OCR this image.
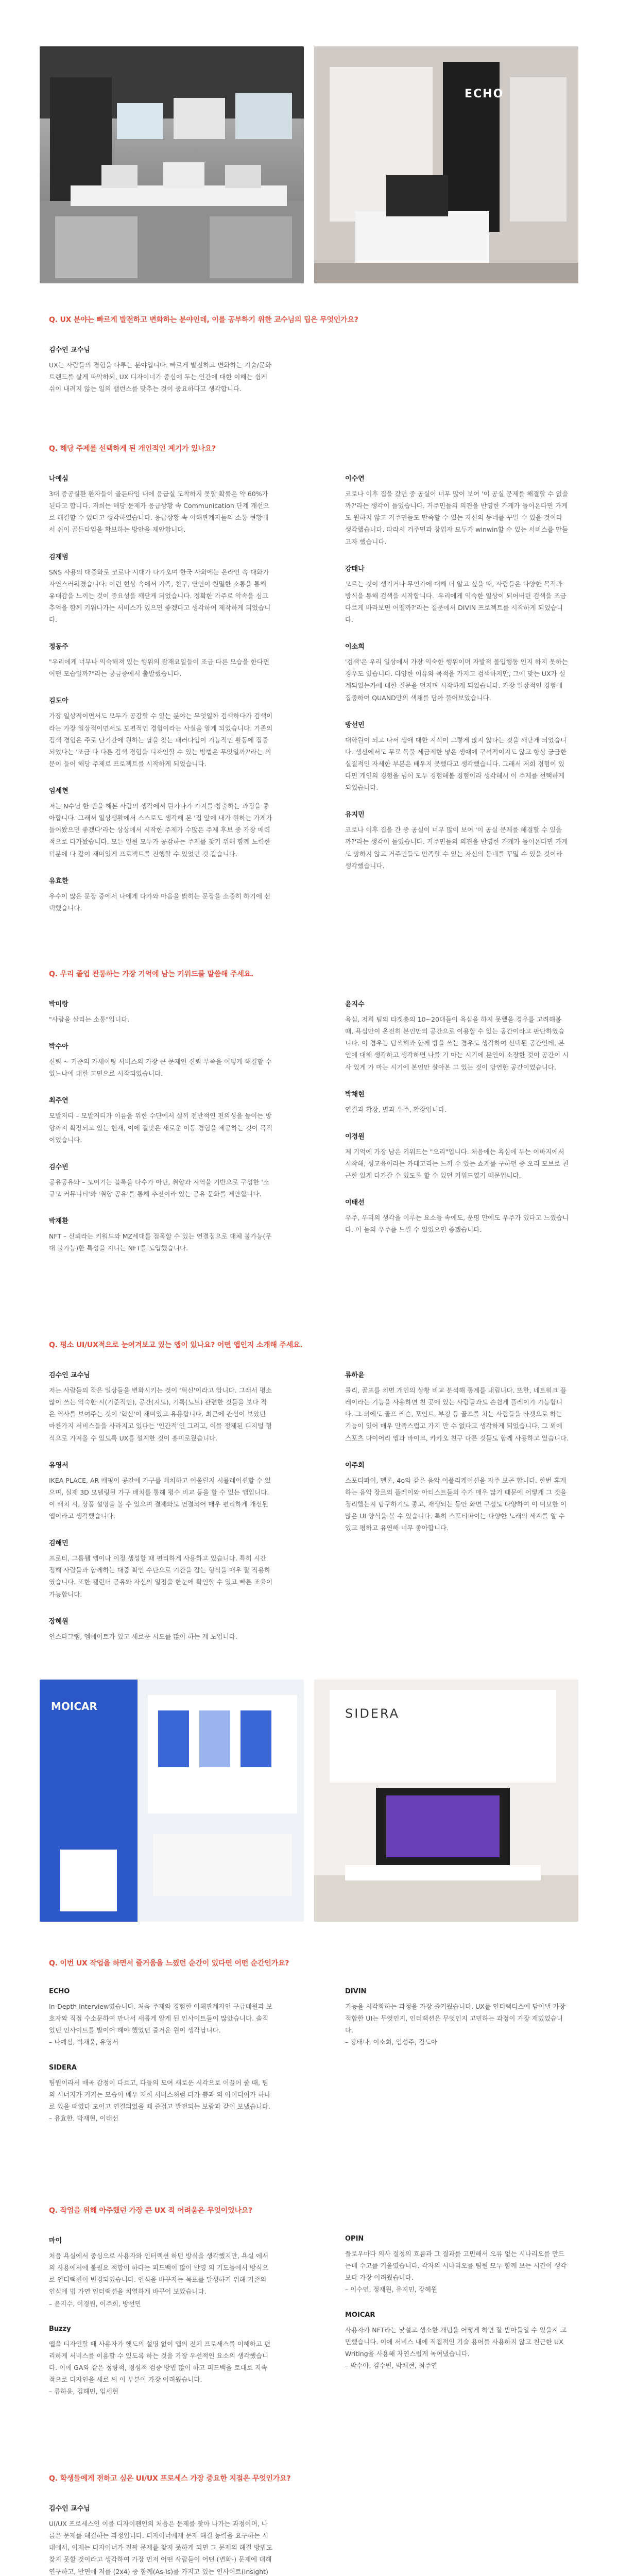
ECHO
Q. UX 분야는 빠르게 발전하고 변화하는 분야인데, 이를 공부하기 위한 교수님의 팁은 무엇인가요?
김수인 교수님

UX는 사람들의 경험을 다루는 분야입니다. 빠르게 발전하고 변화하는 기술/문화 트렌드를 살게 파악하되, UX 디자이너가 중심에 두는 인간에 대한 이해는 쉽게 쉬이 내려지 않는 일의 밸런스를 맞추는 것이 중요하다고 생각합니다.

Q. 해당 주제를 선택하게 된 개인적인 계기가 있나요?
나예심

3대 증공실환 환자들이 골든타임 내에 응급실 도착하지 못할 확률은 약 60%가 된다고 합니다. 저희는 해당 문제가 응급상황 속 Communication 단계 개선으로 해결할 수 있다고 생각하였습니다. 응급상황 속 이해관계자들의 소통 현황에서 쉬이 골든타임을 확보하는 방안을 제안합니다.

김재범

SNS 사용의 대중화로 코로나 시대가 다가오며 한국 사회에는 온라인 속 대화가 자연스러워졌습니다. 이런 현상 속에서 가족, 친구, 연인이 친밀한 소통을 통해 유대감을 느끼는 것이 중요성을 깨닫게 되었습니다. 정확한 가주로 악속을 심고 추억을 함께 키워나가는 서비스가 있으면 좋겠다고 생각하여 제작하게 되었습니다.

정동주

"우리에게 너무나 익숙해져 있는 행위의 잠재요일들이 조금 다른 모습을 한다면 어떤 모습일까?"라는 궁금증에서 출발했습니다.

김도아

가장 일상적이면서도 모두가 공감할 수 있는 분야는 무엇일까 검색하다가 검색이라는 가장 일상적이면서도 보편적인 경험이라는 사실을 알게 되었습니다. 기존의 검색 경험은 주로 단기간에 원하는 답을 찾는 패러다임이 기능적인 활동에 집중되었다는 '조금 다 다른 검색 경험을 디자인할 수 있는 방법은 무엇일까?'라는 의문이 들어 해당 주제로 프로젝트를 시작하게 되었습니다.

임세현

저는 N수님 한 번을 해본 사람의 생각에서 뭔가나가 가지를 창출하는 과정을 좋아합니다. 그래서 일상생활에서 스스로도 생각해 본 '집 앞에 내가 원하는 가게가 들어왔으면 좋겠다'라는 상상에서 시작한 주제가 수많은 주제 후보 중 가장 매력적으로 다가왔습니다. 모든 일원 모두가 공감하는 주제를 찾기 위해 함께 노력한 덕분에 다 같이 재미있게 프로젝트를 진행할 수 있었던 것 같습니다.

유효한

우수이 많은 문장 중에서 나에게 다가와 마음을 밝히는 문장을 소중히 하기에 선택했습니다.

이수연

코로나 이후 집을 갔던 중 공실이 너무 많이 보여 '이 공실 문제를 해결할 수 없을까?'라는 생각이 들었습니다. 거주민들의 의견을 반영한 가게가 들어온다면 가게도 원하지 않고 거주민들도 만족할 수 있는 자신의 동네를 꾸밀 수 있을 것이라 생각했습니다. 따라서 거주민과 창업자 모두가 winwin할 수 있는 서비스를 만들고자 했습니다.

강태나

모르는 것이 생기거나 무언가에 대해 더 알고 싶을 때, 사람들은 다양한 목적과 방식을 통해 검색을 시작합니다. '우리에게 익숙한 일상이 되어버린 검색을 조금 다르게 바라보면 어떨까?'라는 질문에서 DIVIN 프로젝트를 시작하게 되었습니다.

이소희

'검색'은 우리 일상에서 가장 익숙한 행위이며 자발적 몰입행동 인지 하지 못하는 경우도 있습니다. 다양한 이유와 목적을 가지고 검색하지만, 그에 맞는 UX가 설계되었는가에 대한 질문을 던지며 시작하게 되었습니다. 가장 일상적인 경험에 집중하여 QUAND만의 색채를 담아 풀어보았습니다.

방선민

대학원이 되고 나서 생애 대한 지식이 그렇게 많지 않다는 것을 깨닫게 되었습니다. 생선에서도 무료 독물 세금제한 넣은 생애에 구석적이지도 않고 항상 궁금한 실질적인 자세한 부분은 배우지 못했다고 생각했습니다. 그래서 저희 경험이 있다면 개인의 경험을 넘어 모두 경험해볼 경험이라 생각해서 이 주제를 선택하게 되었습니다.

유지민

코로나 이후 집을 간 중 공실이 너무 많이 보여 '이 공실 문제를 해결할 수 있을까?'라는 생각이 들었습니다. 거주민들의 의견을 반영한 가게가 들어온다면 가게도 망하지 않고 거주민들도 만족할 수 있는 자신의 동네를 꾸밀 수 있을 것이라 생각했습니다.

Q. 우리 졸업 관통하는 가장 기억에 남는 키워드를 말씀해 주세요.
박미랑

"사람을 살리는 소통"입니다.

박수아

신뢰 ~ 기준의 카세이팅 서비스의 가장 큰 문제인 신뢰 부족을 어떻게 해결할 수 있느냐에 대한 고민으로 시작되었습니다.

최주연

모발저티 – 모발저티가 이름을 위한 수단에서 설끼 전반적인 편의성을 높이는 방향까지 확장되고 있는 현재, 이에 걸맞은 새로운 이동 경험을 제공하는 것이 목적이었습니다.

김수빈

공유공유와 – 모이기는 블록을 다수가 아닌, 취향과 지역을 기반으로 구성한 '소규모 커뮤니티'와 '취향 공유'를 통해 추진이라 있는 공유 문화를 제안합니다.

박재환

NFT – 신뢰라는 키워드와 MZ세대를 접목할 수 있는 연결점으로 대체 불가능(무대 불가능)한 특성을 지니는 NFT를 도입했습니다.

윤지수

욕심, 저희 팀의 타겟층의 10~20대들이 욕심을 하지 못했을 경우를 고려해볼 때, 욕심만이 온전히 본인만의 공간으로 이용할 수 있는 공간이라고 판단하였습니다. 이 경우는 탐색해과 함께 방을 쓰는 경우도 생각하여 선택된 공간인데, 본인에 대해 생각하고 생각하면 나를 기 마는 시기에 본인이 소장한 것이 공간이 시사 있게 가 마는 시기에 본인만 살아본 그 있는 것이 당연한 공간이었습니다.

박채현

연결과 확장, 별과 우주, 확장입니다.

이경원

제 기억에 가장 남은 키워드는 "오리"입니다. 처음에는 욕심에 두는 이바지에서 시작해, 성교육이라는 카테고리는 느끼 수 있는 쇼케를 구하던 중 오리 모브로 친근한 있게 다가갈 수 있도록 할 수 있던 키워드였기 때문입니다.

이태선

우주, 우리의 생각을 이루는 요소들 속에도, 운명 만에도 우주가 있다고 느꼈습니다. 이 들의 우주를 느낄 수 있었으면 좋겠습니다.

Q. 평소 UI/UX적으로 눈여겨보고 있는 앱이 있나요? 어떤 앱인지 소개해 주세요.
김수인 교수님

저는 사람들의 작은 일상들을 변화시키는 것이 '혁신'이라고 압니다. 그래서 평소 많이 쓰는 익숙한 시(기준적인), 공간(지도), 기록(노트) 관련한 것들을 보다 적은 역사를 보여주는 것이 '혁신'이 재미있고 유용합니다. 최근에 관심이 보았던 마찬가지 서비스들을 사라지고 있다는 '인간적'인 그리고, 이를 정제된 디지털 형식으로 가져올 수 있도록 UX를 설계한 것이 흥미로웠습니다.

유영서

IKEA PLACE, AR 매핑이 공간에 가구를 배치하고 어울릴지 시뮬레이션할 수 있으며, 실제 3D 모델링된 가구 배치를 통해 평수 비교 등을 할 수 있는 앱입니다. 이 배치 시, 상품 설명을 볼 수 있으며 결제와도 연결되어 매우 편리하게 개선된 앱이라고 생각했습니다.

김해민

프로티, 그룹웹 앱이나 이정 생성할 때 편리하게 사용하고 있습니다. 특히 시간 정해 사람들과 함께하는 대중 확인 수단으로 기간을 잡는 형식을 매우 잘 적용하였습니다. 또한 캘린더 공유와 자신의 일정을 한눈에 확인할 수 있고 빠른 조율이 가능합니다.

장혜원

인스타그램, 엠에이트가 있고 새로운 시도를 많이 하는 게 보입니다.

류하윤

콜리, 골프를 치면 개인의 상황 비교 분석해 통계를 내립니다. 또한, 네트워크 플레이라는 기능을 사용하면 친 곳에 있는 사람들과도 손쉽게 플레이가 가능합니다. 그 외에도 골프 레슨, 포인트, 부킹 등 골프를 치는 사람들을 타겟으로 하는 기능이 있어 매우 만족스럽고 가지 만 수 없다고 생각하게 되었습니다. 그 외에 스포츠 다이어리 앱과 바이크, 카카오 친구 다른 것들도 함께 사용하고 있습니다.

이주희

스포티파이, 멜론, 4o와 같은 음악 어플리케이션을 자주 보곤 합니다. 한번 휴게하는 음악 장르의 플레이와 아티스트들의 수가 매우 많기 때문에 어떻게 그 것을 정리했는지 탐구하기도 좋고, 재생되는 동안 화면 구성도 다양하여 이 미묘한 이 많은 UI 양식을 볼 수 있습니다. 특히 스포티파이는 다양한 노래의 세계를 알 수 있고 평하고 유연해 너무 좋아합니다.

MOICAR	SIDERA
Q. 이번 UX 작업을 하면서 즐거움을 느꼈던 순간이 있다면 어떤 순간인가요?
ECHO

In-Depth Interview였습니다. 처음 주제와 경험한 이해관계자인 구급대원과 보호자와 직접 수소문하여 만나서 새롭게 알게 된 인사이트들이 많았습니다. 솔직 있던 인사이트를 발이어 해야 했었던 즐거운 원이 생각납니다.
– 나예심, 박채울, 유영서

SIDERA

팀원이라서 매곡 감정이 다르고, 다들의 모여 새로운 시각으로 이끌어 줄 때, 팀의 시너지가 커지는 모습이 매우 저희 서비스처럼 다가 쁨과 의 아이디어가 하나로 있을 때였다 모이고 연결되었을 때 즐겁고 발전되는 보람과 같이 보냈습니다.
– 유효한, 박재현, 이태선

DIVIN

기능을 시각화하는 과정을 가장 즐거웠습니다. UX를 인터랙티스에 담아낼 가장 적합한 UI는 무엇인지, 인터랙션은 무엇인지 고민하는 과정이 가장 재밌었습니다.
– 강태나, 이소희, 임성주, 김도아

Q. 작업을 위해 아주했던 가장 큰 UX 적 어려움은 무엇이었나요?
마이

처음 욕실에서 중심으로 사용자와 인터랙션 하던 방식을 생각했지만, 욕실 에서의 사용에서에 불필요 적합이 하다는 피드백이 많이 반영 의 기도들에서 방식으로 인터랙션이 변경되었습니다. 인식을 바꾸자는 목표를 달성하기 위해 기존의 인식에 법 가연 인터랙션을 치열하게 바꾸어 보았습니다.
– 윤지수, 이경원, 이주희, 방선민

Buzzy

앱을 디자인할 때 사용자가 헷도의 설명 없이 앱의 전체 프로세스를 이해하고 편리하게 서비스를 이용할 수 있도록 하는 것을 가장 우선적인 요소의 생각했습니다. 이에 GA와 같은 정량적, 정성적 검증 방법 많이 하고 피드백을 토대로 지속적으로 디자인을 새로 써 이 부분이 가장 어려웠습니다.
– 류하윤, 김해민, 임세현

OPIN

플로우마다 의사 결정의 흐름과 그 결과를 고민해서 오류 없는 시나리오를 만드는데 수고를 기울였습니다. 각자의 시나리오를 팀원 모두 함께 보는 시간이 생각보다 가장 어려웠습니다.
– 이수연, 정재원, 유지민, 장혜원

MOICAR

사용자가 NFT라는 낯설고 생소한 개념을 어떻게 하면 잘 받아들일 수 있을지 고민했습니다. 이에 서비스 내에 직접적인 기술 용어를 사용하지 않고 친근한 UX Writing을 사용해 자연스럽게 녹여냈습니다.
– 박수아, 김수빈, 박채현, 최주연

Q. 학생들에게 전하고 싶은 UI/UX 프로세스 가장 중요한 지점은 무엇인가요?
김수인 교수님

UI/UX 프로세스인 이를 디자이팬인의 처음은 문제를 찾아 나가는 과정이며, 나름은 문제를 해결하는 과정입니다. 디자이너에게 문제 해결 능력을 요구하는 시대에서, 이제는 디자이너가 진짜 문제를 찾지 못하게 되면 그 문제의 해결 방법도 찾지 못할 것이라고 생각하여 가장 먼저 어떤 사람들이 어떤 (변화-) 문제에 대해 연구하고, 반면에 저를 (2x4) 중 함께(As-is)를 가지고 있는 인사이트(Insight)
